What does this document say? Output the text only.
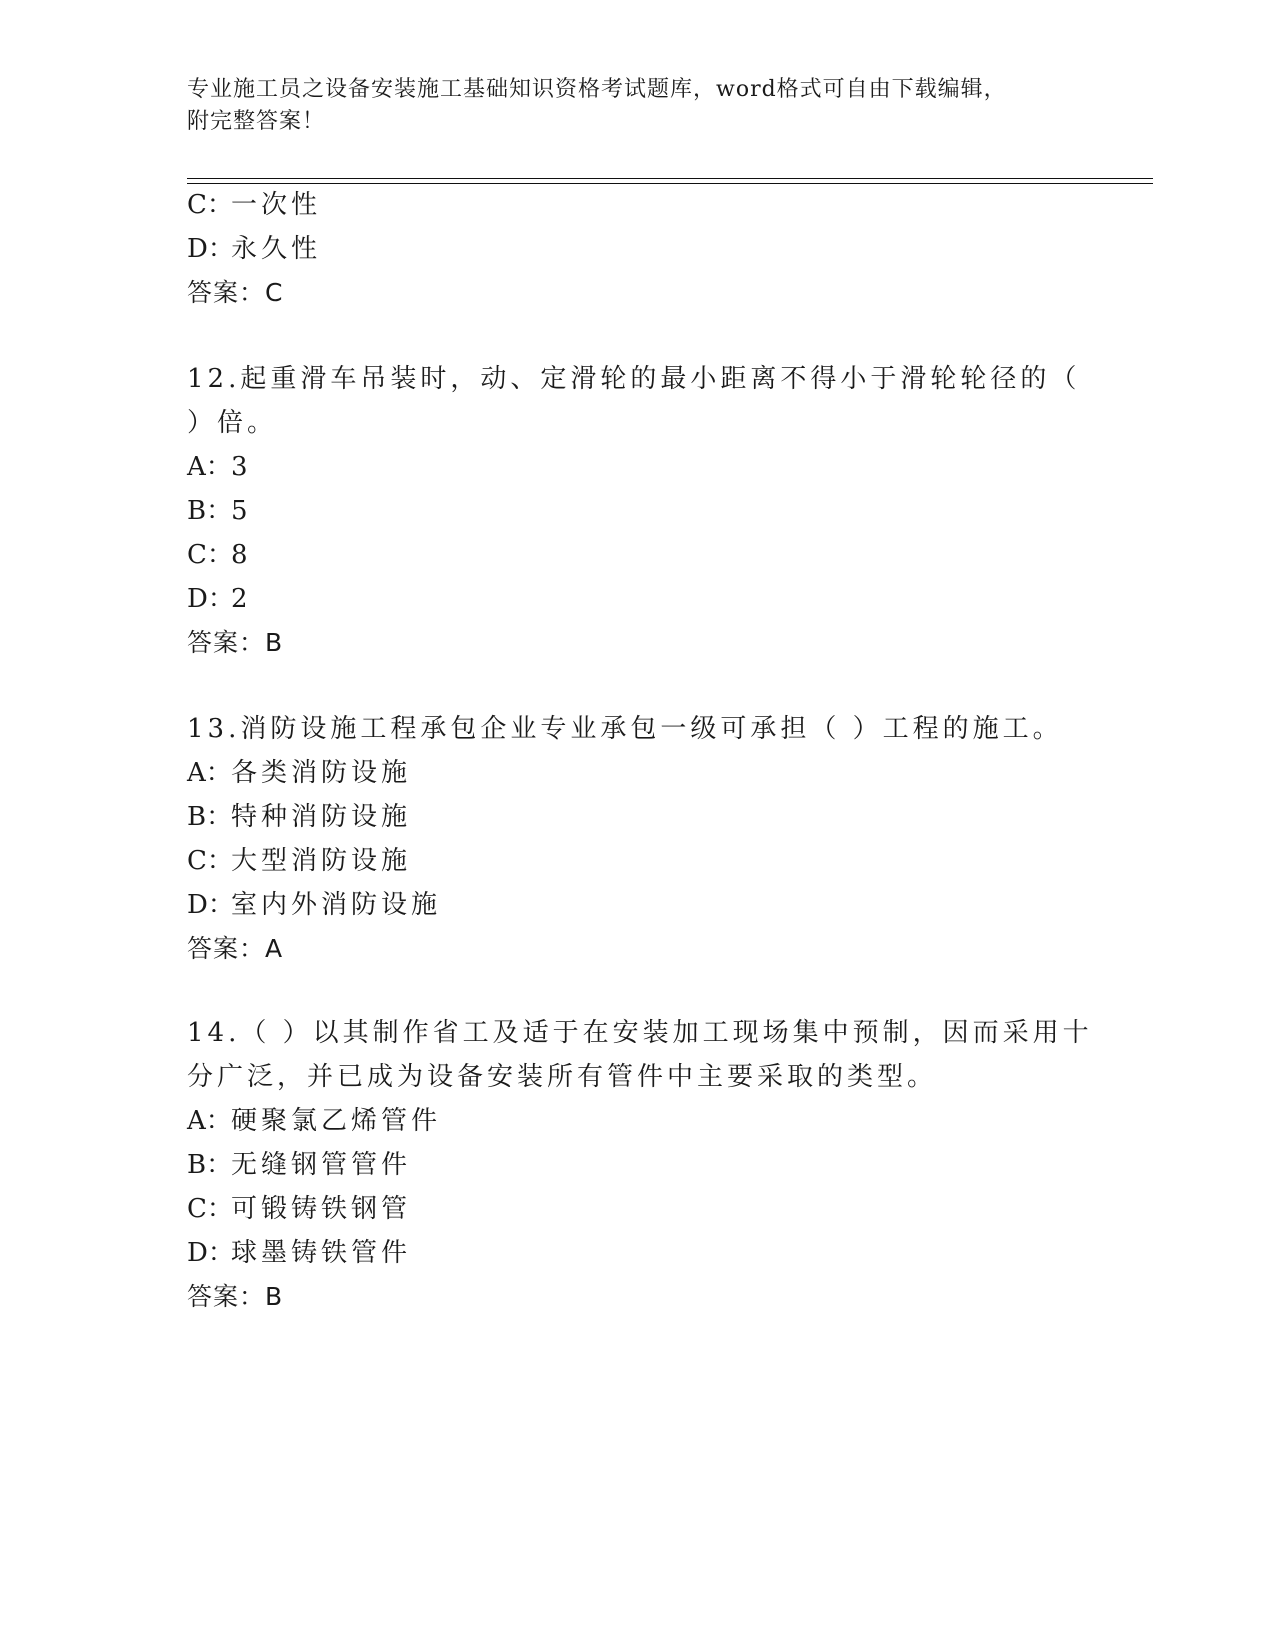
专业施工员之设备安装施工基础知识资格考试题库，word格式可自由下载编辑，
附完整答案！
C：一次性
D：永久性
答案：C
12.起重滑车吊装时，动、定滑轮的最小距离不得小于滑轮轮径的（
）倍。
A：3
B：5
C：8
D：2
答案：B
13.消防设施工程承包企业专业承包一级可承担（ ）工程的施工。
A：各类消防设施
B：特种消防设施
C：大型消防设施
D：室内外消防设施
答案：A
14.（ ）以其制作省工及适于在安装加工现场集中预制，因而采用十
分广泛，并已成为设备安装所有管件中主要采取的类型。
A：硬聚氯乙烯管件
B：无缝钢管管件
C：可锻铸铁钢管
D：球墨铸铁管件
答案：B
